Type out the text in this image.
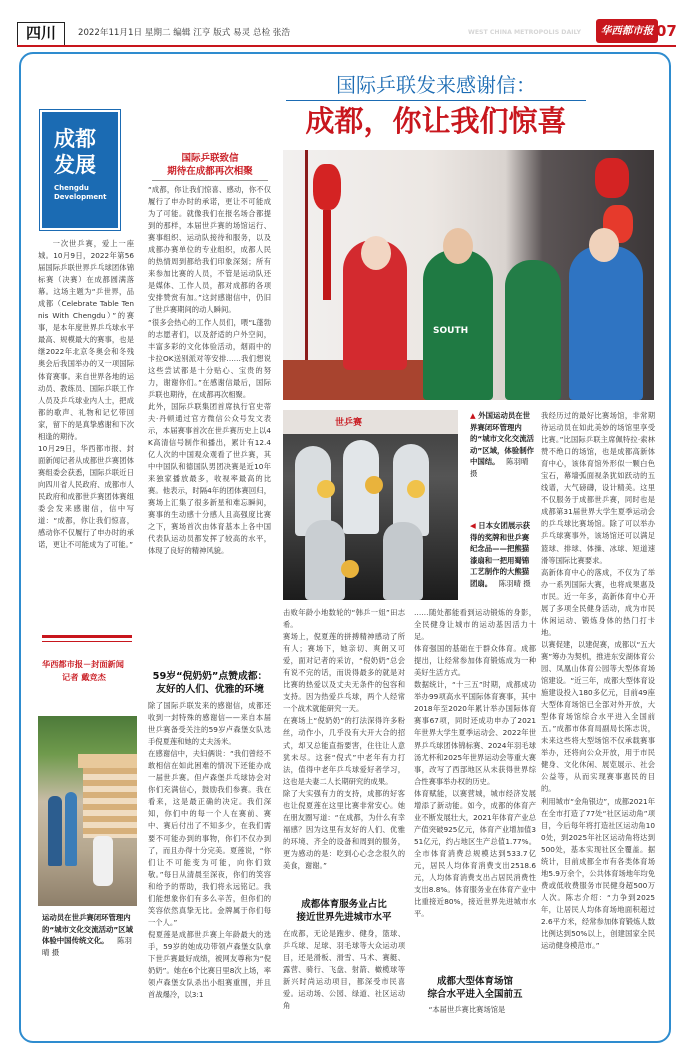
四川	2022年11月1日 星期二 编辑 江亨 版式 易灵 总检 张浩	WEST CHINA METROPOLIS DAILY	华西都市报 07
成都发展
Chengdu Development
国际乒联发来感谢信：
成都，你让我们惊喜
一次世乒赛，爱上一座城。10月9日，2022年第56届国际乒联世界乒乓球团体锦标赛（决赛）在成都圆满落幕。这场主题为“乒世界，品成都（Celebrate Table Tennis With Chengdu）”的赛事，是本年度世界乒乓球水平最高、规模最大的赛事，也是继2022年北京冬奥会和冬残奥会后我国举办的又一项国际体育赛事。来自世界各地的运动员、教练员、国际乒联工作人员及乒乓球业内人士，把成都的歌声、礼物和记忆带回家，留下的是真挚感谢和下次相逢的期待。
10月29日，华西都市报、封面新闻记者从成都世乒赛团体赛组委会获悉，国际乒联近日向四川省人民政府、成都市人民政府和成都世乒赛团体赛组委会发来感谢信，信中写道：“成都，你让我们惊喜，感动你不仅履行了申办时的承诺，更让不可能成为了可能。”
华西都市报－封面新闻
记者 戴竞杰
运动员在世乒赛闭环管理内的“城市文化交流活动”区域体验中国传统文化。 陈羽晴 摄
国际乒联致信
期待在成都再次相聚
“成都，你让我们惊喜、感动，你不仅履行了申办时的承诺，更让不可能成为了可能。就像我们在报名场合都提到的那样，本届世乒赛的场馆运行、赛事组织、运动队接待和服务，以及成都办赛单位的专业组织，成都人民的热情周到都给我们印象深刻；所有来参加比赛的人员，不管是运动队还是媒体、工作人员，都对成都的各项安排赞赏有加。”这封感谢信中，仍旧了世乒赛期间的动人瞬间。
“很多会热心的工作人员们，喂“L蓬勃的志愿者们，以及舒适的户外空间，丰富多彩的文化体验活动，烟雨中的卡拉OK送别派对等安排……我们想说这些尝试都是十分贴心、宝贵的努力，谢谢你们。”在感谢信最后，国际乒联也期待，在成都再次相聚。
此外，国际乒联集团首席执行官史蒂夫·丹顿通过官方微信公众号发文表示，本届赛事首次在世乒赛历史上以4K高清信号制作和播出，累计有12.4亿人次的中国观众观看了世乒赛，其中中国队和德国队男团决赛是近10年来独家播放最多，收视率最高的比赛。他表示，时隔4年的团体赛回归，赛场上汇集了很多新星和难忘瞬间，赛事的生动感十分感人且高强度比赛之下，赛场首次由体育基本上各中国代表队运动员都发挥了较高的水平，体现了良好的精神风貌。
59岁“倪奶奶”点赞成都：
友好的人们、优雅的环境
除了国际乒联发来的感谢信，成都还收到一封特殊的感谢信——来自本届世乒赛备受关注的59岁卢森堡女队选手倪夏莲和她的丈夫汤米。
在感谢信中，夫妇俩说：“我们曾经不敢相信在如此困难的情况下还能办成一届世乒赛。但卢森堡乒乓球协会对你们充满信心，鼓励我们参赛。我在看来，这是最正确的决定。我们深知，你们中的每一个人在赛前、赛中、赛后付出了不知多少，在我们需要不可能办到的事物，你们不仅办到了，而且办得十分完美。夏莲说，“你们让不可能变为可能，向你们致敬。”每日从清晨至深夜，你们的笑容和给予的帮助，我们将永远铭记。我们能想象你们有多么辛苦，但你们的笑容依然真挚无比。金牌属于你们每一个人。”
倪夏莲是成都世乒赛上年龄最大的选手，59岁的她成功带领卢森堡女队拿下世乒赛最好成绩，被网友尊称为“倪奶奶”。她在6个比赛日里8次上场，率领卢森堡女队杀出小组赛重围，并且首战爆冷，以3:1
SOUTH
世乒赛
▲ 外国运动员在世界赛闭环管理内的“城市文化交流活动”区域，体验制作中国结。 陈羽晴 摄
◀ 日本女团展示获得的奖牌和世乒赛纪念品——把熊猫漆扇和一把用蜀锦工艺制作的大熊猫团扇。 陈羽晴 摄
击败年龄小地数轮的“韩乒一姐”田志希。
赛场上，倪夏莲的拼搏精神感动了所有人；赛场下，她亲切、爽朗又可爱，面对记者的采访，“倪奶奶”总会有说不完的话，而说得最多的就是对比赛的热爱以及丈夫无条件的包容和支持。因为热爱乒乓球，两个人经常一个战术就能研究一天。
在赛场上“倪奶奶”的打法深得许多粉丝，动作小，几乎没有大开大合的招式，却又总能直指要害，住往让人意犹未尽。这套“倪式”中老年有力打法，值得中老年乒乓球爱好者学习，这也是夫妻二人长期研究的成果。
除了大实强有力的支持，成都的好客也让倪夏莲在这里比赛非常安心。她在朋友圈写道：“在成都，为什么有幸福感？因为这里有友好的人们、优雅的环境、齐全的设备和周到的服务，更为感动的是：吃到心心念念很久的美食，谢谢。”
成都体育服务业占比
接近世界先进城市水平
在成都，无论是跑步、健身，篮球、乒乓球、足球、羽毛球等大众运动项目，还是滑板、滑雪、马术、赛艇、露营、骑行、飞盘、射箭、橄榄球等新兴时尚运动项目，都深受市民喜爱。运动场、公园、绿道、社区运动角
……随处都能看到运动锻炼的身影，全民健身让城市的运动基因活力十足。
体育强国的基础在于群众体育。成都提出，让经常参加体育锻炼成为一种美好生活方式。
数据统计，“十三五”时期，成都成功举办99项高水平国际体育赛事，其中2018年至2020年累计举办国际体育赛事67项，同时还成功申办了2021年世界大学生夏季运动会、2022年世界乒乓球团体锦标赛、2024年羽毛球汤尤杯和2025年世界运动会等重大赛事，改写了西部地区从未获得世界综合性赛事举办权的历史。
体育赋能，以赛营城，城市经济发展增添了新动能。如今，成都的体育产业不断发展壮大，2021年体育产业总产值突破925亿元，体育产业增加值351亿元，约占地区生产总值1.77%。全市体育消费总规模达到533.7亿元，居民人均体育消费支出2518.6元，人均体育消费支出占居民消费性支出8.8%。体育服务业在体育产业中比重接近80%，接近世界先进城市水平。
成都大型体育场馆
综合水平进入全国前五
“本届世乒赛比赛场馆是
我经历过的最好比赛场馆，非常期待运动员在如此美妙的场馆里享受比赛。”比国际乒联主席佩特拉·索林赞不绝口的场馆，也是成都高新体育中心，该体育馆外形似一颗白色宝石，幕墙弧面视条犹如跃动的五线谱，大气磅礴，设计精美。这里不仅服务于成都世乒赛，同时也是成都第31届世界大学生夏季运动会的乒乓球比赛场馆。除了可以举办乒乓球赛事外，该场馆还可以满足篮球、排球、体操、冰球、短道速滑等国际比赛要求。
高新体育中心的落成，不仅为了举办一系列国际大赛，也将成果惠及市民。近一年多，高新体育中心开展了多项全民健身活动，成为市民休闲运动、锻炼身体的热门打卡地。
以赛促建，以建促赛，成都以“五大赛”筹办为契机，推进东安湖体育公园、凤凰山体育公园等大型体育场馆建设。“近三年，成都大型体育设施建设投入180多亿元，目前49座大型体育场馆已全部对外开放，大型体育场馆综合水平进入全国前五。”成都市体育局副局长陈志说，未来这些将大型场馆不仅承载赛事举办，还将向公众开放，用于市民健身、文化休闲、展览展示、社会公益等，从而实现赛事惠民的目的。
利用城市“金角银边”，成都2021年在全市打造了77处“社区运动角”项目，今后每年将打造社区运动角100处，到2025年社区运动角将达到500处，基本实现社区全覆盖。据统计，目前成都全市有各类体育场地5.9万余个，公共体育场地年均免费或低收费服务市民健身超500万人次。陈志介绍：“力争到2025年，让居民人均体育场地面积超过2.6平方米，经常参加体育锻炼人数比例达到50%以上，创建国家全民运动健身模范市。”
